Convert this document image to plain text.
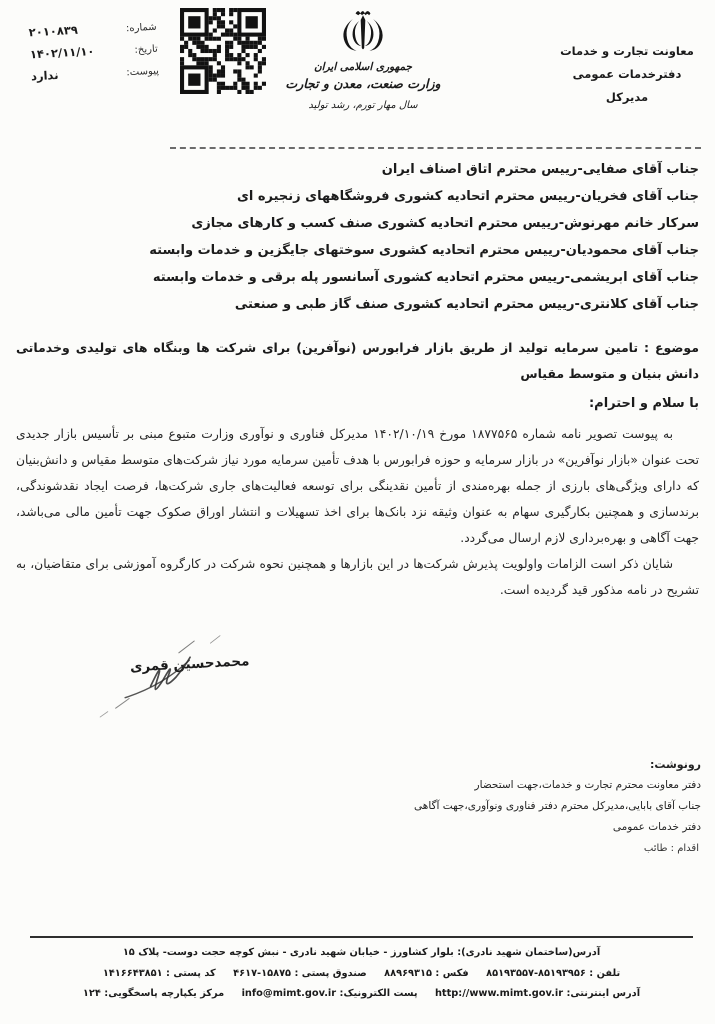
شماره:
۲۰۱۰۸۳۹
تاریخ:
۱۴۰۲/۱۱/۱۰
پیوست:
ندارد
جمهوری اسلامی ایران
وزارت صنعت، معدن و تجارت
سال مهار تورم، رشد تولید
معاونت تجارت و خدمات
دفترخدمات عمومی
مدیرکل
جناب آقای صفایی-رییس محترم اتاق اصناف ایران
جناب آقای فخریان-رییس محترم اتحادیه کشوری فروشگاههای زنجیره ای
سرکار خانم مهرنوش-رییس محترم اتحادیه کشوری صنف کسب و کارهای مجازی
جناب آقای محمودیان-رییس محترم اتحادیه کشوری سوختهای جایگزین و خدمات وابسته
جناب آقای ابریشمی-رییس محترم اتحادیه کشوری آسانسور پله برقی و خدمات وابسته
جناب آقای کلانتری-رییس محترم اتحادیه کشوری صنف گاز طبی و صنعتی
موضوع : تامین سرمایه تولید از طریق بازار فرابورس (نوآفرین) برای شرکت ها وبنگاه های تولیدی وخدماتی دانش بنیان و متوسط مقیاس
با سلام و احترام:

به پیوست تصویر نامه شماره ۱۸۷۷۵۶۵ مورخ ۱۴۰۲/۱۰/۱۹ مدیرکل فناوری و نوآوری وزارت متبوع مبنی بر تأسیس بازار جدیدی تحت عنوان «بازار نوآفرین» در بازار سرمایه و حوزه فرابورس با هدف تأمین سرمایه مورد نیاز شرکت‌های متوسط مقیاس و دانش‌بنیان که دارای ویژگی‌های بارزی از جمله بهره‌مندی از تأمین نقدینگی برای توسعه فعالیت‌های جاری شرکت‌ها، فرصت ایجاد نقدشوندگی، برندسازی و همچنین بکارگیری سهام به عنوان وثیقه نزد بانک‌ها برای اخذ تسهیلات و انتشار اوراق صکوک جهت تأمین مالی می‌باشد، جهت آگاهی و بهره‌برداری لازم ارسال می‌گردد.

شایان ذکر است الزامات واولویت پذیرش شرکت‌ها در این بازارها و همچنین نحوه شرکت در کارگروه آموزشی برای متقاضیان، به تشریح در نامه مذکور قید گردیده است.

محمدحسین قمری
رونوشت:
دفتر معاونت محترم تجارت و خدمات،جهت استحضار
جناب آقای بابایی،مدیرکل محترم دفتر فناوری ونوآوری،جهت آگاهی
دفتر خدمات عمومی
اقدام : طائب
آدرس(ساختمان شهید نادری): بلوار کشاورز - خیابان شهید نادری - نبش کوچه حجت دوست- پلاک ۱۵
تلفن : ۸۵۱۹۳۹۵۶-۸۵۱۹۳۵۵۷ فکس : ۸۸۹۶۹۳۱۵ صندوق پستی : ۱۵۸۷۵-۴۶۱۷ کد پستی : ۱۴۱۶۶۴۳۸۵۱
آدرس اینترنتی: http://www.mimt.gov.ir پست الکترونیک: info@mimt.gov.ir مرکز یکپارچه پاسخگویی: ۱۲۴
